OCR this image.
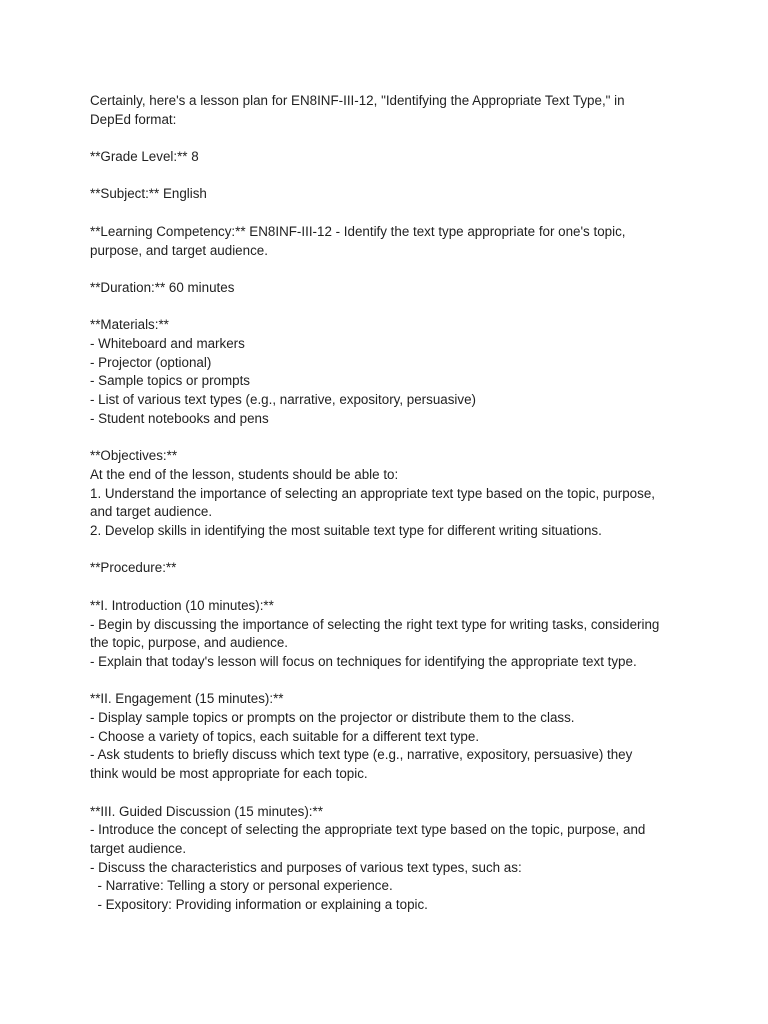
Certainly, here's a lesson plan for EN8INF-III-12, "Identifying the Appropriate Text Type," in
DepEd format:
**Grade Level:** 8
**Subject:** English
**Learning Competency:** EN8INF-III-12 - Identify the text type appropriate for one's topic,
purpose, and target audience.
**Duration:** 60 minutes
**Materials:**
- Whiteboard and markers
- Projector (optional)
- Sample topics or prompts
- List of various text types (e.g., narrative, expository, persuasive)
- Student notebooks and pens
**Objectives:**
At the end of the lesson, students should be able to:
1. Understand the importance of selecting an appropriate text type based on the topic, purpose,
and target audience.
2. Develop skills in identifying the most suitable text type for different writing situations.
**Procedure:**
**I. Introduction (10 minutes):**
- Begin by discussing the importance of selecting the right text type for writing tasks, considering
the topic, purpose, and audience.
- Explain that today's lesson will focus on techniques for identifying the appropriate text type.
**II. Engagement (15 minutes):**
- Display sample topics or prompts on the projector or distribute them to the class.
- Choose a variety of topics, each suitable for a different text type.
- Ask students to briefly discuss which text type (e.g., narrative, expository, persuasive) they
think would be most appropriate for each topic.
**III. Guided Discussion (15 minutes):**
- Introduce the concept of selecting the appropriate text type based on the topic, purpose, and
target audience.
- Discuss the characteristics and purposes of various text types, such as:
- Narrative: Telling a story or personal experience.
- Expository: Providing information or explaining a topic.
